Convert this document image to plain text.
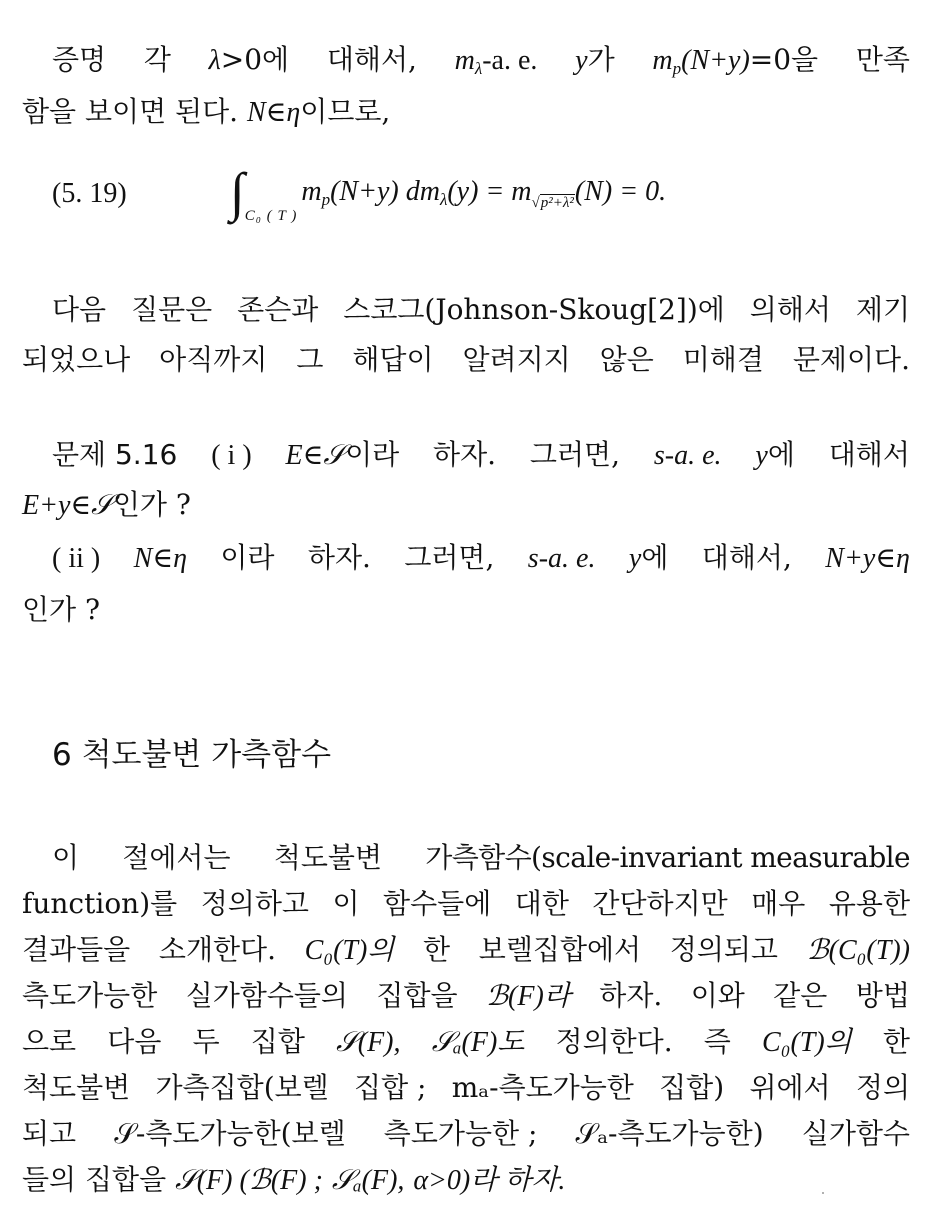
증명 각 λ>0에 대해서, $m_\lambda-a$. e. y가 $m_p(N+y)=0$을 만족
함을 보이면 된다. N∈η이므로,
(5. 19) $\int_{C_0 ( T )}m_p(N+y) dm_\lambda(y) = m_{√p^2+\lambda^2}(N) = 0$.
다음 질문은 존슨과 스코그(Johnson-Skoug[2])에 의해서 제기
되었으나 아직까지 그 해답이 알려지지 않은 미해결 문제이다.
문제 5.16 ( i ) E∈𝒮이라 하자. 그러면, s-a. e. y에 대해서
E+y∈𝒮인가 ?
( ii ) N∈η 이라 하자. 그러면, s-a. e. y에 대해서, N+y∈η
인가 ?
6 척도불변 가측함수
이 절에서는 척도불변 가측함수(scale-invariant measurable
function)를 정의하고 이 함수들에 대한 간단하지만 매우 유용한
결과들을 소개한다. C₀(T)의 한 보렐집합에서 정의되고 ℬ(C₀(T))
측도가능한 실가함수들의 집합을 ℬ(F)라 하자. 이와 같은 방법
으로 다음 두 집합 𝒮(F), 𝒮ₐ(F)도 정의한다. 즉 C₀(T)의 한
척도불변 가측집합(보렐 집합 ; mₐ-측도가능한 집합) 위에서 정의
되고 𝒮-측도가능한(보렐 측도가능한 ; 𝒮ₐ-측도가능한) 실가함수
들의 집합을 𝒮(F) (ℬ(F) ; 𝒮ₐ(F), α>0)라 하자.
